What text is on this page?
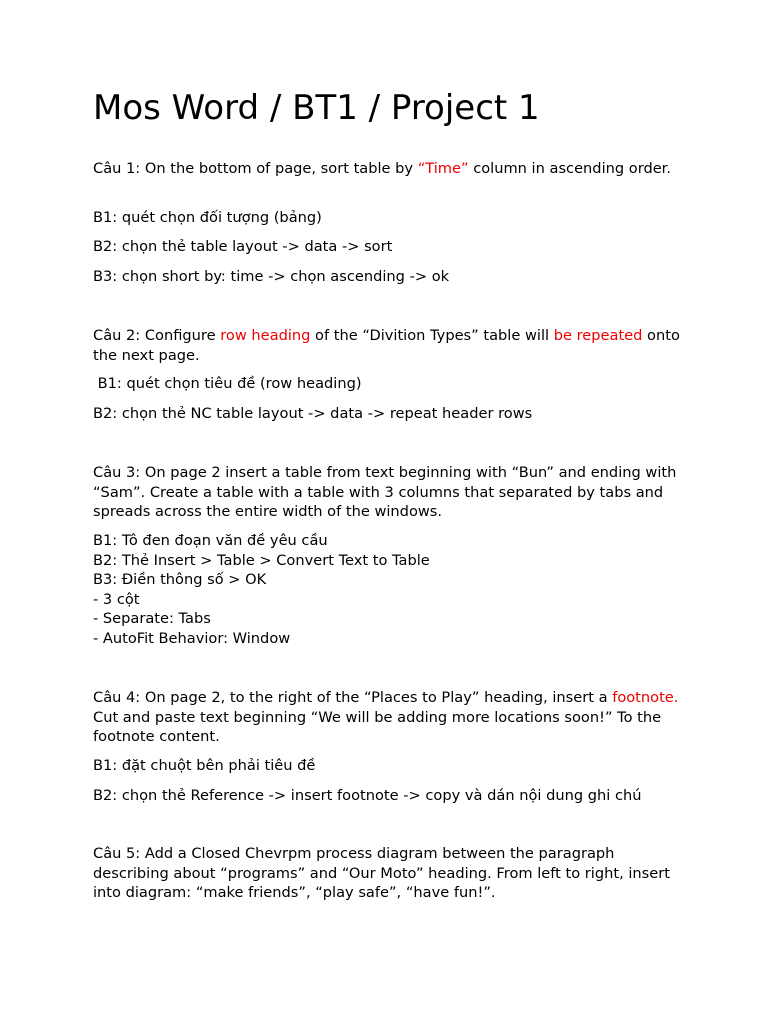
Mos Word / BT1 / Project 1

Câu 1: On the bottom of page, sort table by “Time” column in ascending order.

B1: quét chọn đối tượng (bảng)

B2: chọn thẻ table layout -> data -> sort

B3: chọn short by: time -> chọn ascending -> ok

Câu 2: Configure row heading of the “Divition Types” table will be repeated onto the next page.

B1: quét chọn tiêu đề (row heading)

B2: chọn thẻ NC table layout -> data -> repeat header rows

Câu 3: On page 2 insert a table from text beginning with “Bun” and ending with “Sam”. Create a table with a table with 3 columns that separated by tabs and spreads across the entire width of the windows.

B1: Tô đen đoạn văn đề yêu cầu
B2: Thẻ Insert > Table > Convert Text to Table
B3: Điền thông số > OK
- 3 cột
- Separate: Tabs
- AutoFit Behavior: Window

Câu 4: On page 2, to the right of the “Places to Play” heading, insert a footnote. Cut and paste text beginning “We will be adding more locations soon!” To the footnote content.

B1: đặt chuột bên phải tiêu đề

B2: chọn thẻ Reference -> insert footnote -> copy và dán nội dung ghi chú

Câu 5: Add a Closed Chevrpm process diagram between the paragraph describing about “programs” and “Our Moto” heading. From left to right, insert into diagram: “make friends”, “play safe”, “have fun!”.
